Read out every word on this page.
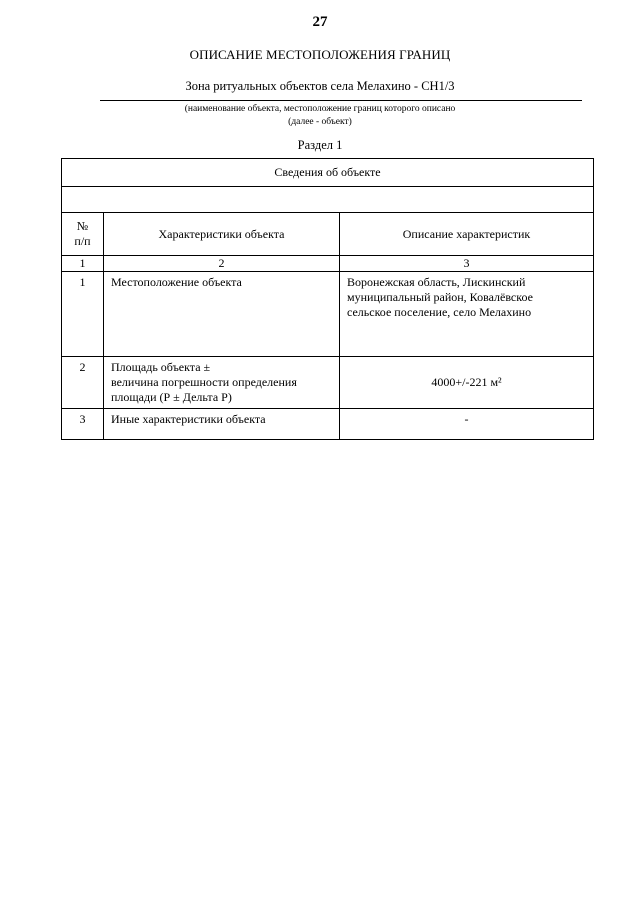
27
ОПИСАНИЕ МЕСТОПОЛОЖЕНИЯ ГРАНИЦ
Зона ритуальных объектов села Мелахино - СН1/3
(наименование объекта, местоположение границ которого описано
(далее - объект)
Раздел 1
Сведения об объекте		

№
п/п	Характеристики объекта	Описание характеристик
1	2	3
1	Местоположение объекта	Воронежская область, Лискинский
муниципальный район, Ковалёвское
сельское поселение, село Мелахино

2	Площадь объекта ±
величина погрешности определения
площади (Р ± Дельта Р)	4000+/-221 м²

3	Иные характеристики объекта	-
